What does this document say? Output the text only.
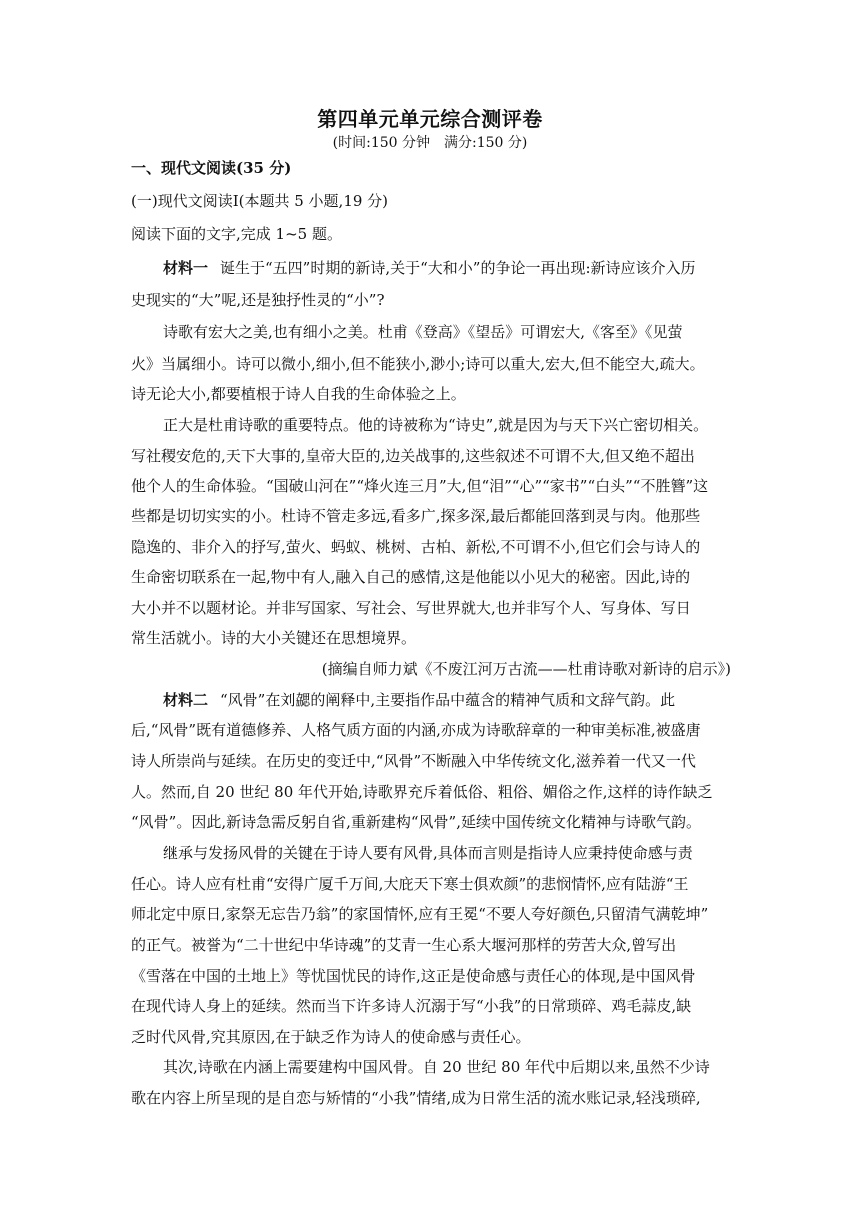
第四单元单元综合测评卷
(时间:150 分钟　满分:150 分)
一、现代文阅读(35 分)
(一)现代文阅读Ⅰ(本题共 5 小题,19 分)
阅读下面的文字,完成 1~5 题。
材料一 诞生于“五四”时期的新诗,关于“大和小”的争论一再出现:新诗应该介入历
史现实的“大”呢,还是独抒性灵的“小”?
诗歌有宏大之美,也有细小之美。杜甫《登高》《望岳》可谓宏大,《客至》《见萤
火》当属细小。诗可以微小,细小,但不能狭小,渺小;诗可以重大,宏大,但不能空大,疏大。
诗无论大小,都要植根于诗人自我的生命体验之上。
正大是杜甫诗歌的重要特点。他的诗被称为“诗史”,就是因为与天下兴亡密切相关。
写社稷安危的,天下大事的,皇帝大臣的,边关战事的,这些叙述不可谓不大,但又绝不超出
他个人的生命体验。“国破山河在”“烽火连三月”大,但“泪”“心”“家书”“白头”“不胜簪”这
些都是切切实实的小。杜诗不管走多远,看多广,探多深,最后都能回落到灵与肉。他那些
隐逸的、非介入的抒写,萤火、蚂蚁、桃树、古柏、新松,不可谓不小,但它们会与诗人的
生命密切联系在一起,物中有人,融入自己的感情,这是他能以小见大的秘密。因此,诗的
大小并不以题材论。并非写国家、写社会、写世界就大,也并非写个人、写身体、写日
常生活就小。诗的大小关键还在思想境界。
(摘编自师力斌《不废江河万古流——杜甫诗歌对新诗的启示》)
材料二 “风骨”在刘勰的阐释中,主要指作品中蕴含的精神气质和文辞气韵。此
后,“风骨”既有道德修养、人格气质方面的内涵,亦成为诗歌辞章的一种审美标准,被盛唐
诗人所崇尚与延续。在历史的变迁中,“风骨”不断融入中华传统文化,滋养着一代又一代
人。然而,自 20 世纪 80 年代开始,诗歌界充斥着低俗、粗俗、媚俗之作,这样的诗作缺乏
“风骨”。因此,新诗急需反躬自省,重新建构“风骨”,延续中国传统文化精神与诗歌气韵。
继承与发扬风骨的关键在于诗人要有风骨,具体而言则是指诗人应秉持使命感与责
任心。诗人应有杜甫“安得广厦千万间,大庇天下寒士俱欢颜”的悲悯情怀,应有陆游“王
师北定中原日,家祭无忘告乃翁”的家国情怀,应有王冕“不要人夸好颜色,只留清气满乾坤”
的正气。被誉为“二十世纪中华诗魂”的艾青一生心系大堰河那样的劳苦大众,曾写出
《雪落在中国的土地上》等忧国忧民的诗作,这正是使命感与责任心的体现,是中国风骨
在现代诗人身上的延续。然而当下许多诗人沉溺于写“小我”的日常琐碎、鸡毛蒜皮,缺
乏时代风骨,究其原因,在于缺乏作为诗人的使命感与责任心。
其次,诗歌在内涵上需要建构中国风骨。自 20 世纪 80 年代中后期以来,虽然不少诗
歌在内容上所呈现的是自恋与矫情的“小我”情绪,成为日常生活的流水账记录,轻浅琐碎,
